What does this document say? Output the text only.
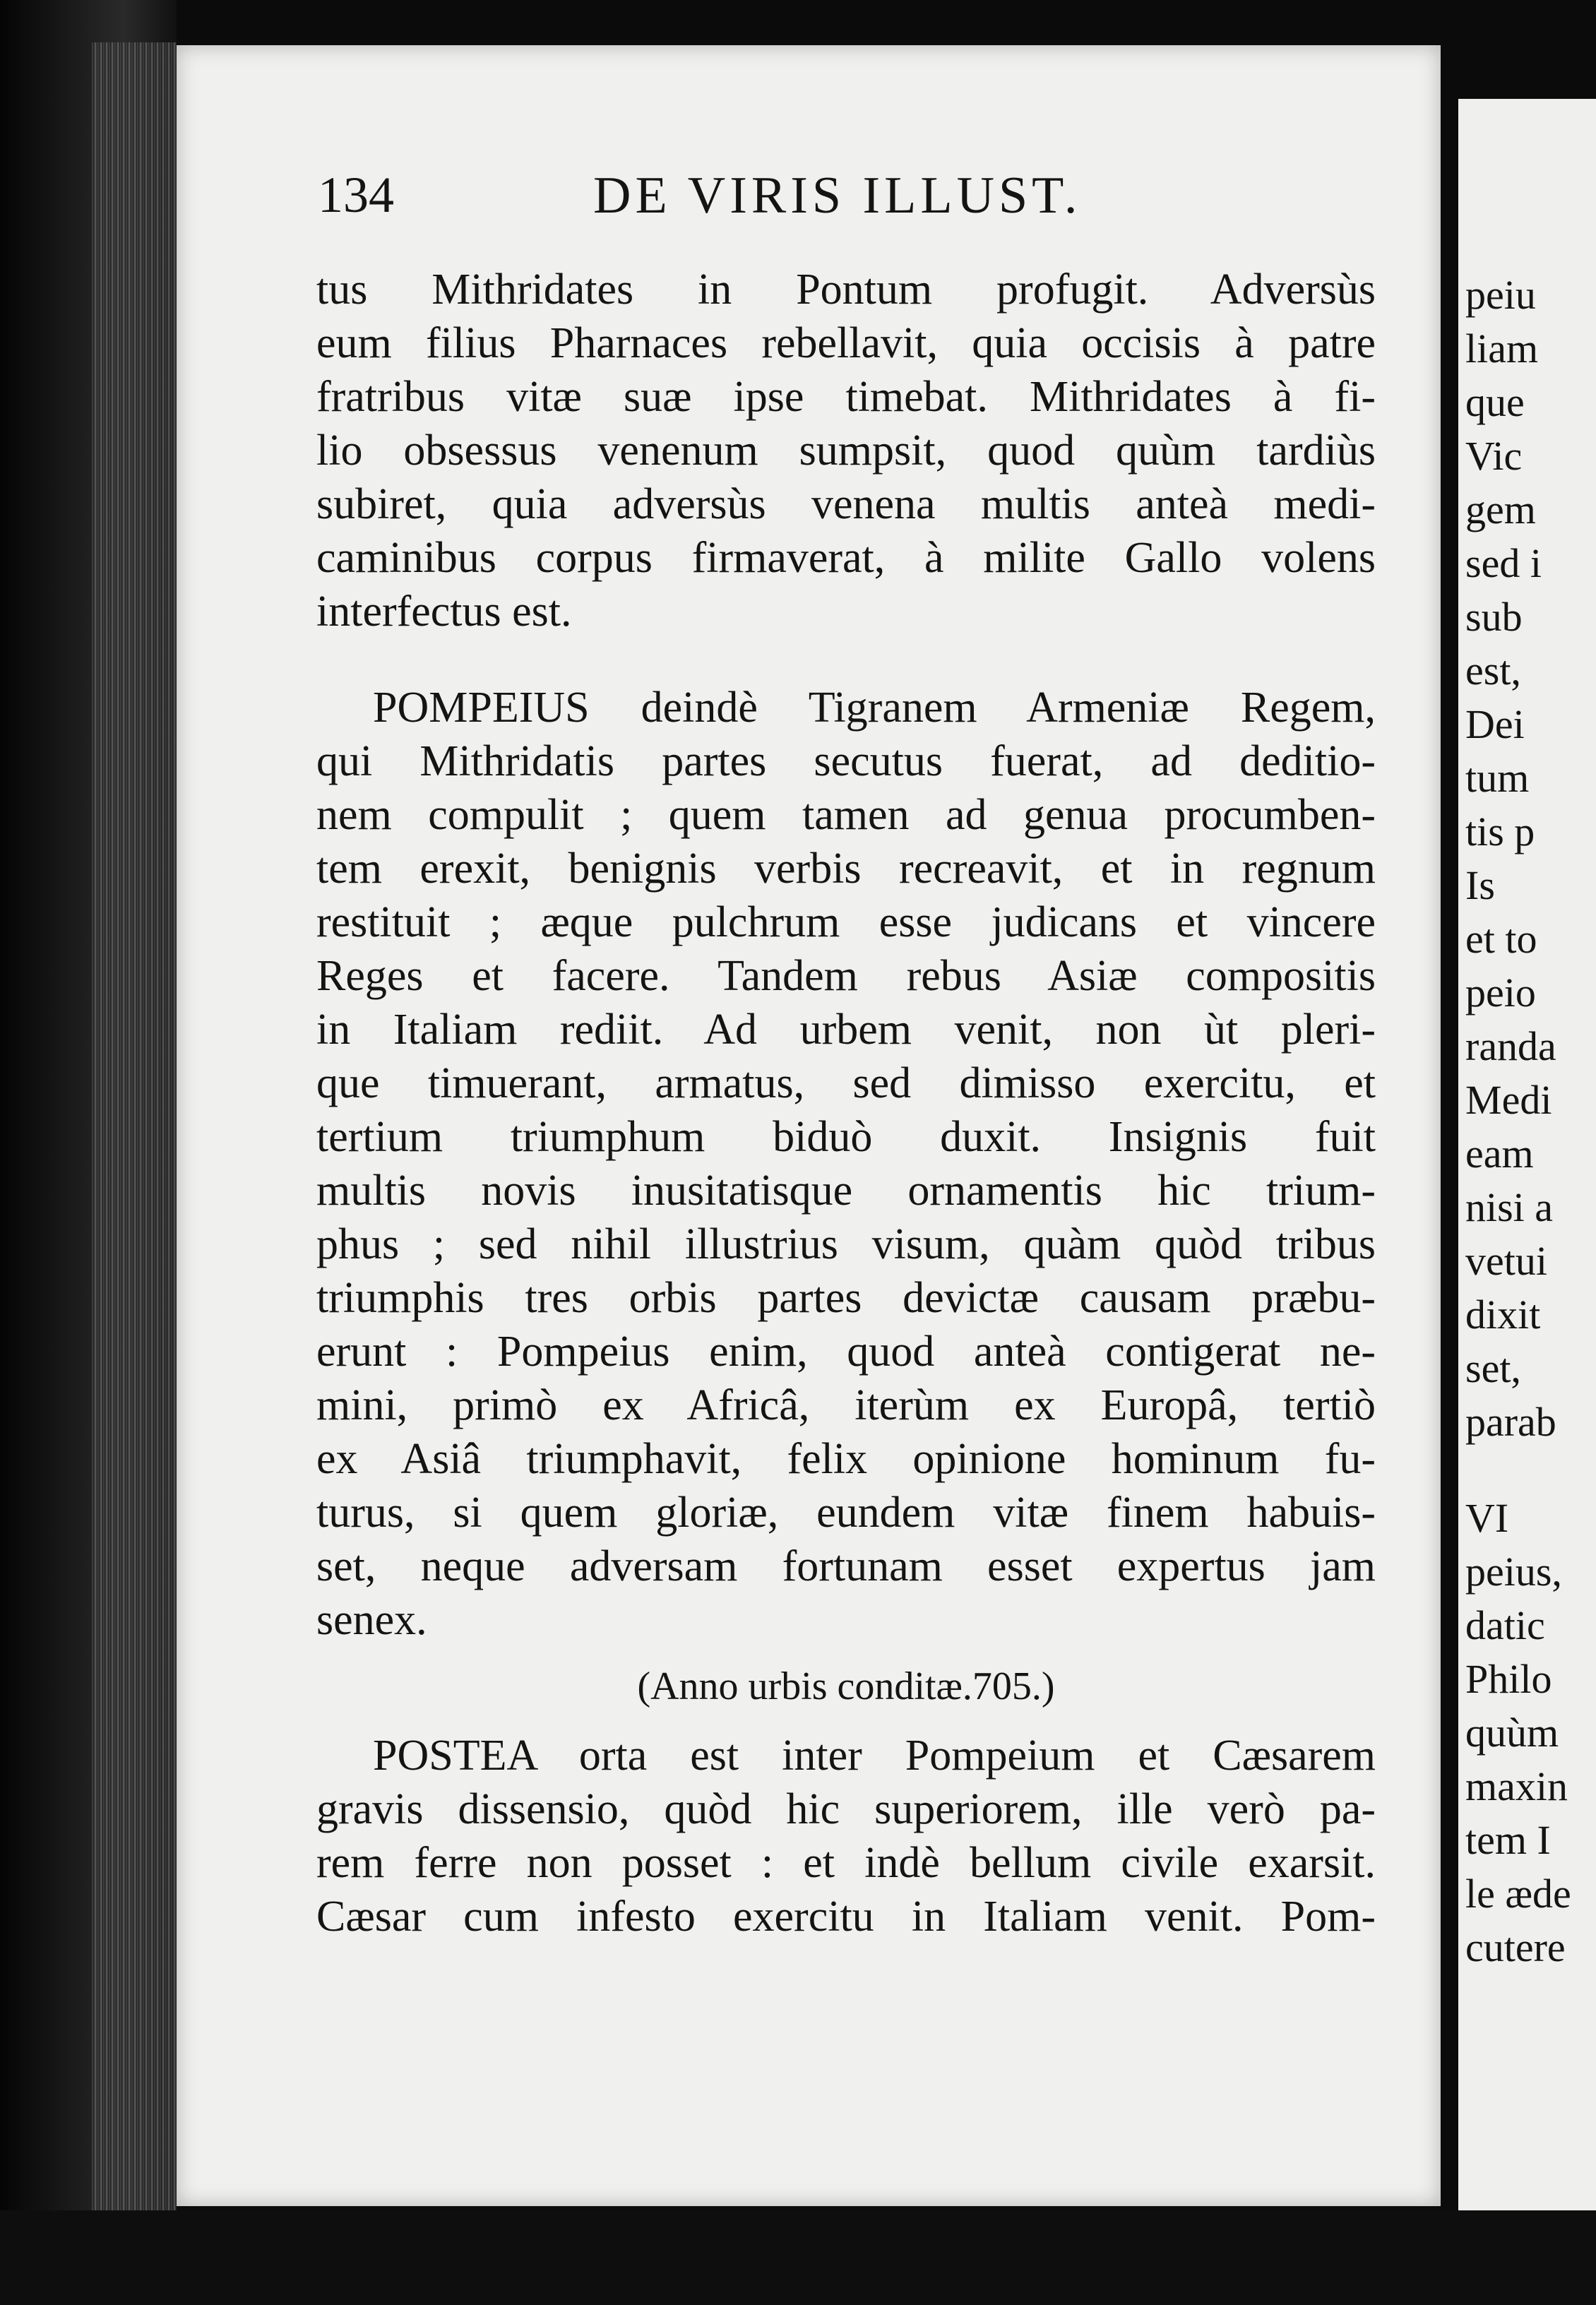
134	DE VIRIS ILLUST.
tus Mithridates in Pontum profugit. Adversùs
eum filius Pharnaces rebellavit, quia occisis à patre
fratribus vitæ suæ ipse timebat. Mithridates à fi-
lio obsessus venenum sumpsit, quod quùm tardiùs
subiret, quia adversùs venena multis anteà medi-
caminibus corpus firmaverat, à milite Gallo volens
interfectus est.
POMPEIUS deindè Tigranem Armeniæ Regem,
qui Mithridatis partes secutus fuerat, ad deditio-
nem compulit ; quem tamen ad genua procumben-
tem erexit, benignis verbis recreavit, et in regnum
restituit ; æque pulchrum esse judicans et vincere
Reges et facere. Tandem rebus Asiæ compositis
in Italiam rediit. Ad urbem venit, non ùt pleri-
que timuerant, armatus, sed dimisso exercitu, et
tertium triumphum biduò duxit. Insignis fuit
multis novis inusitatisque ornamentis hic trium-
phus ; sed nihil illustrius visum, quàm quòd tribus
triumphis tres orbis partes devictæ causam præbu-
erunt : Pompeius enim, quod anteà contigerat ne-
mini, primò ex Africâ, iterùm ex Europâ, tertiò
ex Asiâ triumphavit, felix opinione hominum fu-
turus, si quem gloriæ, eundem vitæ finem habuis-
set, neque adversam fortunam esset expertus jam
senex.
(Anno urbis conditæ.705.)
POSTEA orta est inter Pompeium et Cæsarem
gravis dissensio, quòd hic superiorem, ille verò pa-
rem ferre non posset : et indè bellum civile exarsit.
Cæsar cum infesto exercitu in Italiam venit. Pom-
peiu
liam
que
Vic
gem
sed i
sub
est,
Dei
tum
tis p
Is
et to
peio
randa
Medi
eam
nisi a
vetui
dixit
set,
parab
VI
peius,
datic
Philo
quùm
maxin
tem I
le æde
cutere
